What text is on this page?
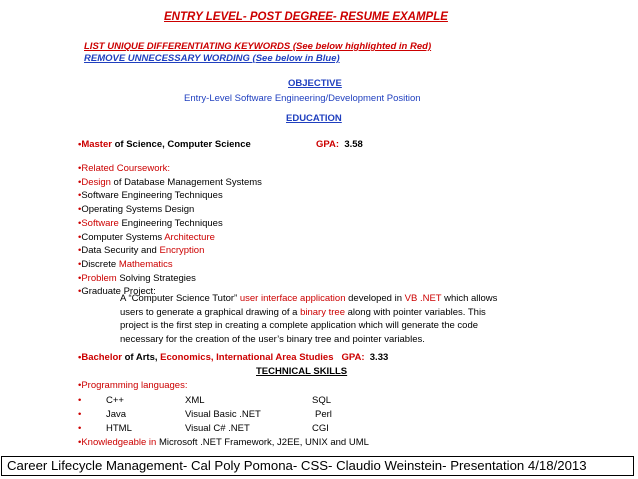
ENTRY LEVEL- POST DEGREE- RESUME EXAMPLE
LIST UNIQUE DIFFERENTIATING KEYWORDS (See below highlighted in Red)
REMOVE UNNECESSARY WORDING (See below in Blue)
OBJECTIVE
Entry-Level Software Engineering/Development Position
EDUCATION
•Master of Science, Computer Science	GPA: 3.58
•Related Coursework:
•Design of Database Management Systems
•Software Engineering Techniques
•Operating Systems Design
•Software Engineering Techniques
•Computer Systems Architecture
•Data Security and Encryption
•Discrete Mathematics
•Problem Solving Strategies
•Graduate Project:
A “Computer Science Tutor” user interface application developed in VB .NET which allows
users to generate a graphical drawing of a binary tree along with pointer variables. This
project is the first step in creating a complete application which will generate the code
necessary for the creation of the user’s binary tree and pointer variables.
•Bachelor of Arts, Economics, International Area Studies GPA: 3.33
TECHNICAL SKILLS
•Programming languages:
•	C++	XML	SQL
•	Java	Visual Basic .NET	Perl
•	HTML	Visual C# .NET	CGI
•Knowledgeable in Microsoft .NET Framework, J2EE, UNIX and UML
Career Lifecycle Management- Cal Poly Pomona- CSS- Claudio Weinstein- Presentation 4/18/2013
